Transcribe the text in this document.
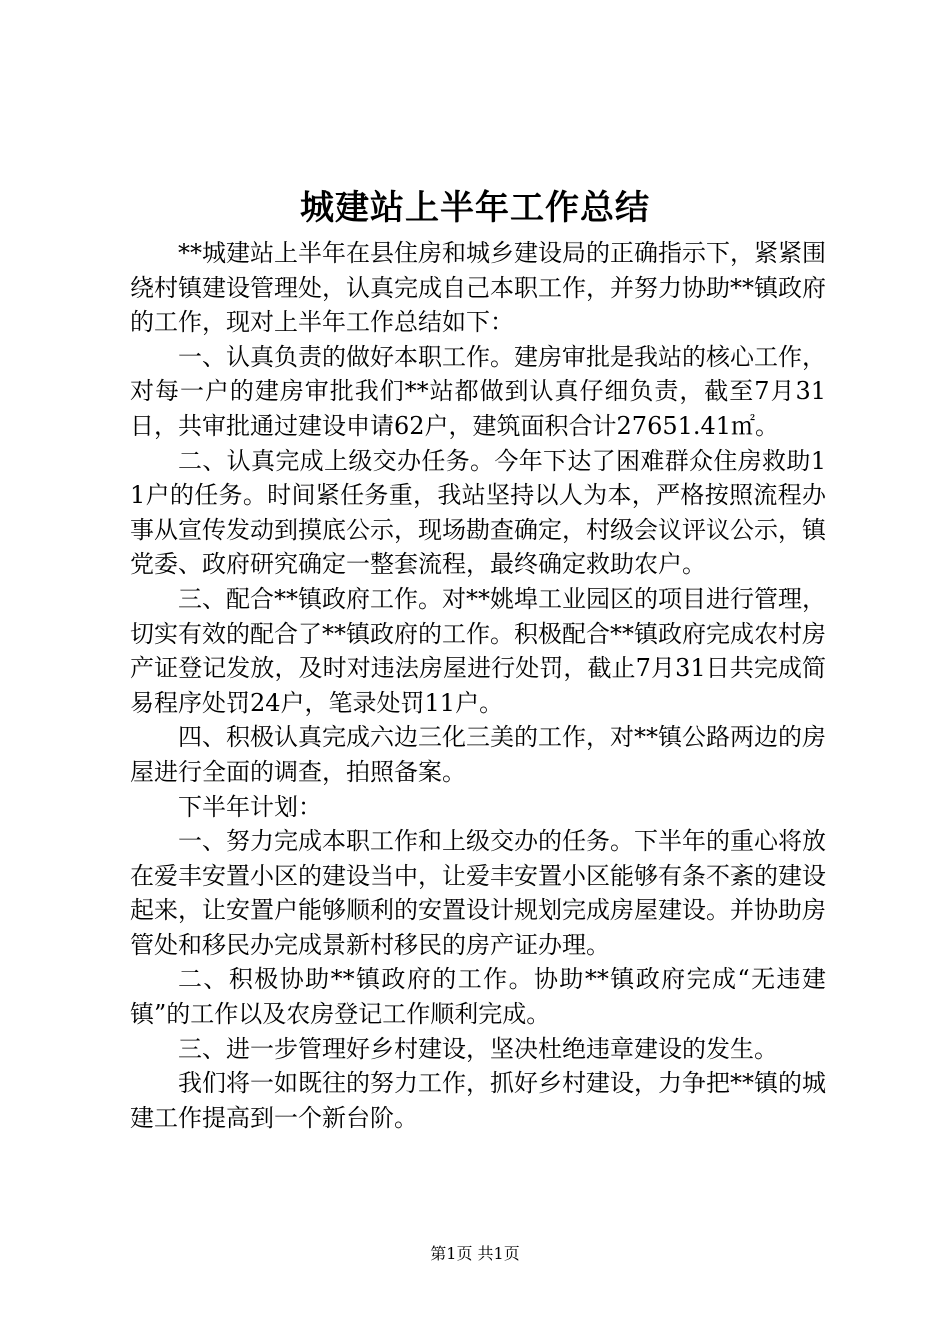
城建站上半年工作总结

**城建站上半年在县住房和城乡建设局的正确指示下，紧紧围绕村镇建设管理处，认真完成自己本职工作，并努力协助**镇政府的工作，现对上半年工作总结如下：

一、认真负责的做好本职工作。建房审批是我站的核心工作，对每一户的建房审批我们**站都做到认真仔细负责，截至7月31日，共审批通过建设申请62户，建筑面积合计27651.41㎡。

二、认真完成上级交办任务。今年下达了困难群众住房救助11户的任务。时间紧任务重，我站坚持以人为本，严格按照流程办事从宣传发动到摸底公示，现场勘查确定，村级会议评议公示，镇党委、政府研究确定一整套流程，最终确定救助农户。

三、配合**镇政府工作。对**姚埠工业园区的项目进行管理，切实有效的配合了**镇政府的工作。积极配合**镇政府完成农村房产证登记发放，及时对违法房屋进行处罚，截止7月31日共完成简易程序处罚24户，笔录处罚11户。

四、积极认真完成六边三化三美的工作，对**镇公路两边的房屋进行全面的调查，拍照备案。

下半年计划：

一、努力完成本职工作和上级交办的任务。下半年的重心将放在爱丰安置小区的建设当中，让爱丰安置小区能够有条不紊的建设起来，让安置户能够顺利的安置设计规划完成房屋建设。并协助房管处和移民办完成景新村移民的房产证办理。

二、积极协助**镇政府的工作。协助**镇政府完成“无违建镇”的工作以及农房登记工作顺利完成。

三、进一步管理好乡村建设，坚决杜绝违章建设的发生。

我们将一如既往的努力工作，抓好乡村建设，力争把**镇的城建工作提高到一个新台阶。

第1页 共1页
